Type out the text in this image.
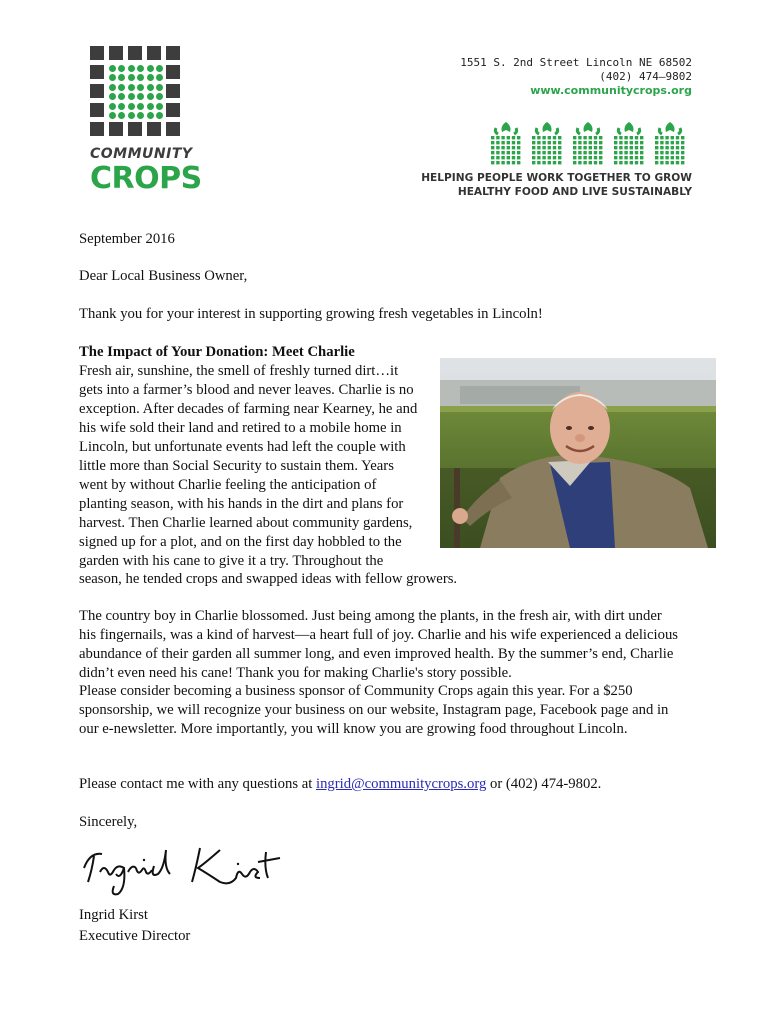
COMMUNITY
CROPS
1551 S. 2nd Street Lincoln NE 68502
(402) 474–9802
www.communitycrops.org
HELPING PEOPLE WORK TOGETHER TO GROW
HEALTHY FOOD AND LIVE SUSTAINABLY

September 2016

Dear Local Business Owner,

Thank you for your interest in supporting growing fresh vegetables in Lincoln!

The Impact of Your Donation: Meet Charlie
Fresh air, sunshine, the smell of freshly turned dirt…it
gets into a farmer’s blood and never leaves. Charlie is no
exception. After decades of farming near Kearney, he and
his wife sold their land and retired to a mobile home in
Lincoln, but unfortunate events had left the couple with
little more than Social Security to sustain them. Years
went by without Charlie feeling the anticipation of
planting season, with his hands in the dirt and plans for
harvest. Then Charlie learned about community gardens,
signed up for a plot, and on the first day hobbled to the
garden with his cane to give it a try. Throughout the

season, he tended crops and swapped ideas with fellow growers.

The country boy in Charlie blossomed. Just being among the plants, in the fresh air, with dirt under his fingernails, was a kind of harvest—a heart full of joy. Charlie and his wife experienced a delicious abundance of their garden all summer long, and even improved health. By the summer’s end, Charlie didn’t even need his cane! Thank you for making Charlie's story possible.

Please consider becoming a business sponsor of Community Crops again this year. For a $250 sponsorship, we will recognize your business on our website, Instagram page, Facebook page and in our e-newsletter. More importantly, you will know you are growing food throughout Lincoln.

Please contact me with any questions at ingrid@communitycrops.org or (402) 474-9802.

Sincerely,

Ingrid Kirst
Executive Director
